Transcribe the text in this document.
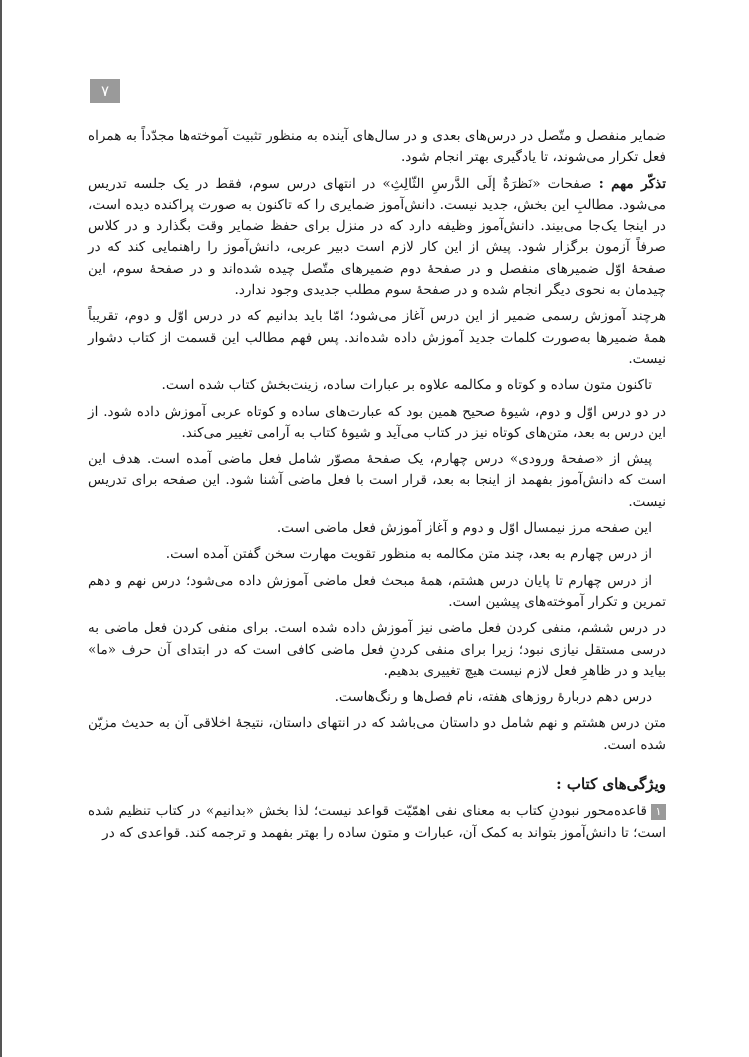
۷

ضمایر منفصل و متّصل در درس‌های بعدی و در سال‌های آینده به منظور تثبیت آموخته‌ها مجدّداً به همراه فعل تکرار می‌شوند، تا یادگیری بهتر انجام شود.

تذکّر مهم : صفحات «نَظرَةٌ إلَى الدَّرسِ الثّالِثِ» در انتهای درس سوم، فقط در یک جلسه تدریس می‌شود. مطالبِ این بخش، جدید نیست. دانش‌آموز ضمایری را که تاکنون به صورت پراکنده دیده است، در اینجا یک‌جا می‌بیند. دانش‌آموز وظیفه دارد که در منزل برای حفظ ضمایر وقت بگذارد و در کلاس صرفاً آزمون برگزار شود. پیش از این کار لازم است دبیر عربی، دانش‌آموز را راهنمایی کند که در صفحهٔ اوّل ضمیرهای منفصل و در صفحهٔ دوم ضمیرهای متّصل چیده شده‌اند و در صفحهٔ سوم، این چیدمان به نحوی دیگر انجام شده و در صفحهٔ سوم مطلب جدیدی وجود ندارد.

هرچند آموزش رسمی ضمیر از این درس آغاز می‌شود؛ امّا باید بدانیم که در درس اوّل و دوم، تقریباً همهٔ ضمیرها به‌صورت کلمات جدید آموزش داده شده‌اند. پس فهم مطالب این قسمت از کتاب دشوار نیست.

تاکنون متون ساده و کوتاه و مکالمه علاوه بر عبارات ساده، زینت‌بخش کتاب شده است.

در دو درس اوّل و دوم، شیوهٔ صحیح همین بود که عبارت‌های ساده و کوتاه عربی آموزش داده شود. از این درس به بعد، متن‌های کوتاه نیز در کتاب می‌آید و شیوهٔ کتاب به آرامی تغییر می‌کند.

پیش از «صفحهٔ ورودی» درس چهارم، یک صفحهٔ مصوّر شامل فعل ماضی آمده است. هدف این است که دانش‌آموز بفهمد از اینجا به بعد، قرار است با فعل ماضی آشنا شود. این صفحه برای تدریس نیست.

این صفحه مرز نیمسال اوّل و دوم و آغاز آموزش فعل ماضی است.

از درس چهارم به بعد، چند متن مکالمه به منظور تقویت مهارت سخن گفتن آمده است.

از درس چهارم تا پایان درس هشتم، همهٔ مبحث فعل ماضی آموزش داده می‌شود؛ درس نهم و دهم تمرین و تکرار آموخته‌های پیشین است.

در درس ششم، منفی کردن فعل ماضی نیز آموزش داده شده است. برای منفی کردن فعل ماضی به درسی مستقل نیازی نبود؛ زیرا برای منفی کردنِ فعل ماضی کافی است که در ابتدای آن حرف «ما» بیاید و در ظاهرِ فعل لازم نیست هیچ تغییری بدهیم.

درس دهم دربارهٔ روزهای هفته، نام فصل‌ها و رنگ‌هاست.

متن درس هشتم و نهم شامل دو داستان می‌باشد که در انتهای داستان، نتیجهٔ اخلاقی آن به حدیث مزیّن شده است.

ویژگی‌های کتاب :

۱قاعده‌محور نبودنِ کتاب به معنای نفی اهمّیّت قواعد نیست؛ لذا بخش «بدانیم» در کتاب تنظیم شده است؛ تا دانش‌آموز بتواند به کمک آن، عبارات و متون ساده را بهتر بفهمد و ترجمه کند. قواعدی که در
